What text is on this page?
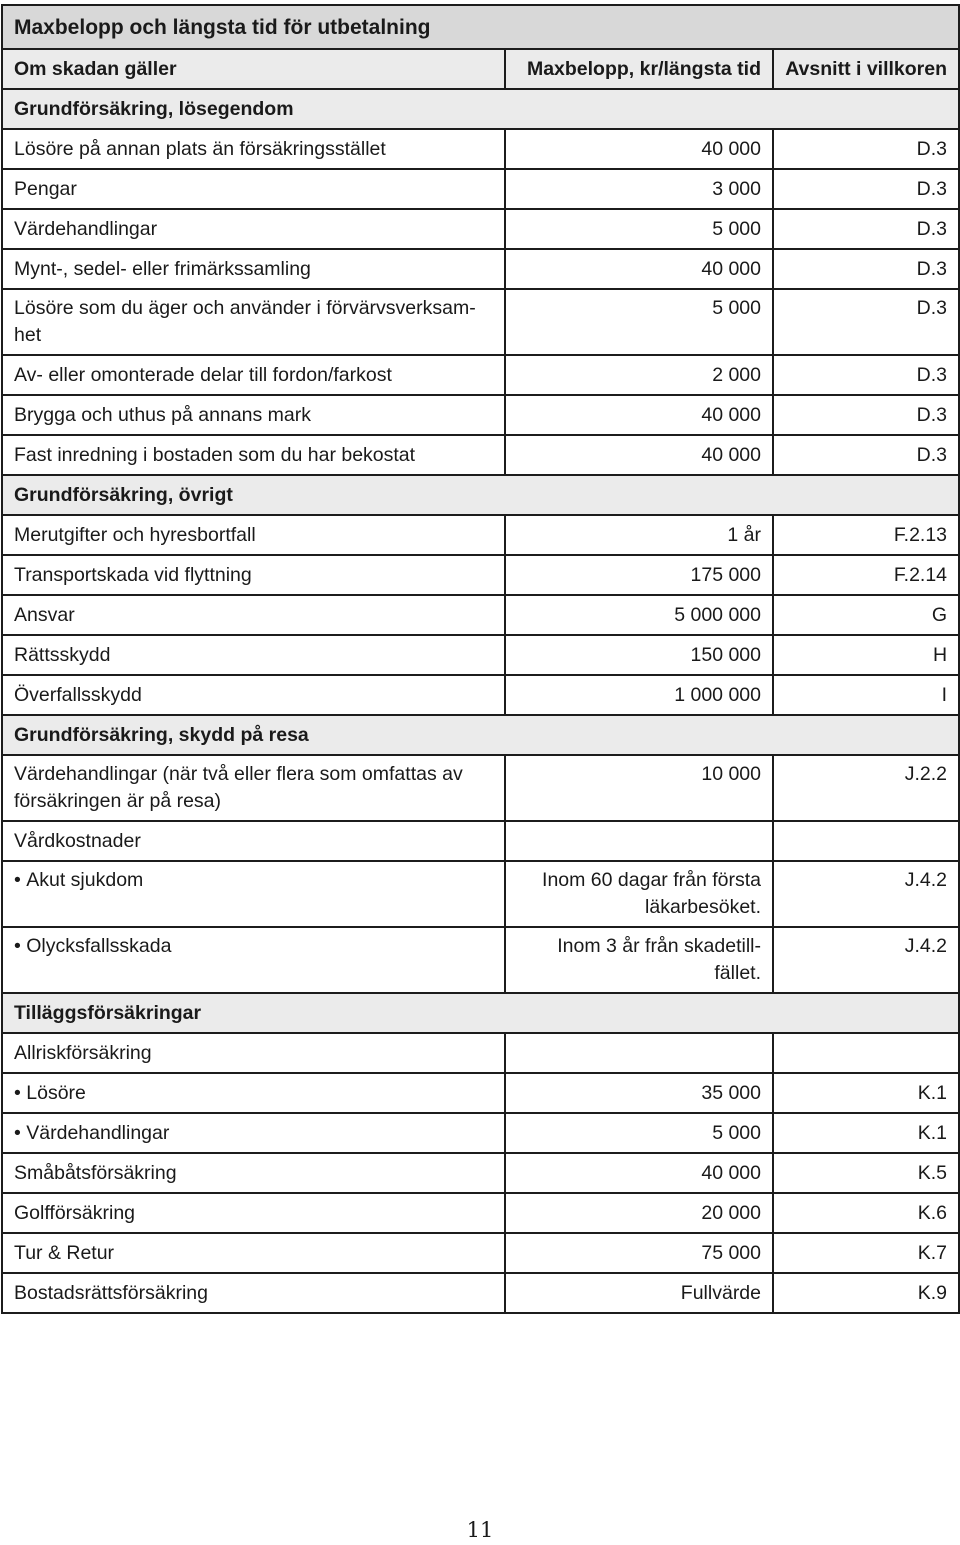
Maxbelopp och längsta tid för utbetalning		
Om skadan gäller	Maxbelopp, kr/längsta tid	Avsnitt i villkoren
Grundförsäkring, lösegendom		
Lösöre på annan plats än försäkringsstället	40 000	D.3
Pengar	3 000	D.3
Värdehandlingar	5 000	D.3
Mynt-, sedel- eller frimärkssamling	40 000	D.3
Lösöre som du äger och använder i förvärvsverksam-het	5 000	D.3
Av- eller omonterade delar till fordon/farkost	2 000	D.3
Brygga och uthus på annans mark	40 000	D.3
Fast inredning i bostaden som du har bekostat	40 000	D.3
Grundförsäkring, övrigt		
Merutgifter och hyresbortfall	1 år	F.2.13
Transportskada vid flyttning	175 000	F.2.14
Ansvar	5 000 000	G
Rättsskydd	150 000	H
Överfallsskydd	1 000 000	I
Grundförsäkring, skydd på resa		
Värdehandlingar (när två eller flera som omfattas av försäkringen är på resa)	10 000	J.2.2
Vårdkostnader		
• Akut sjukdom	Inom 60 dagar från första läkarbesöket.	J.4.2
• Olycksfallsskada	Inom 3 år från skadetill-fället.	J.4.2
Tilläggsförsäkringar		
Allriskförsäkring		
• Lösöre	35 000	K.1
• Värdehandlingar	5 000	K.1
Småbåtsförsäkring	40 000	K.5
Golfförsäkring	20 000	K.6
Tur & Retur	75 000	K.7
Bostadsrättsförsäkring	Fullvärde	K.9
11
